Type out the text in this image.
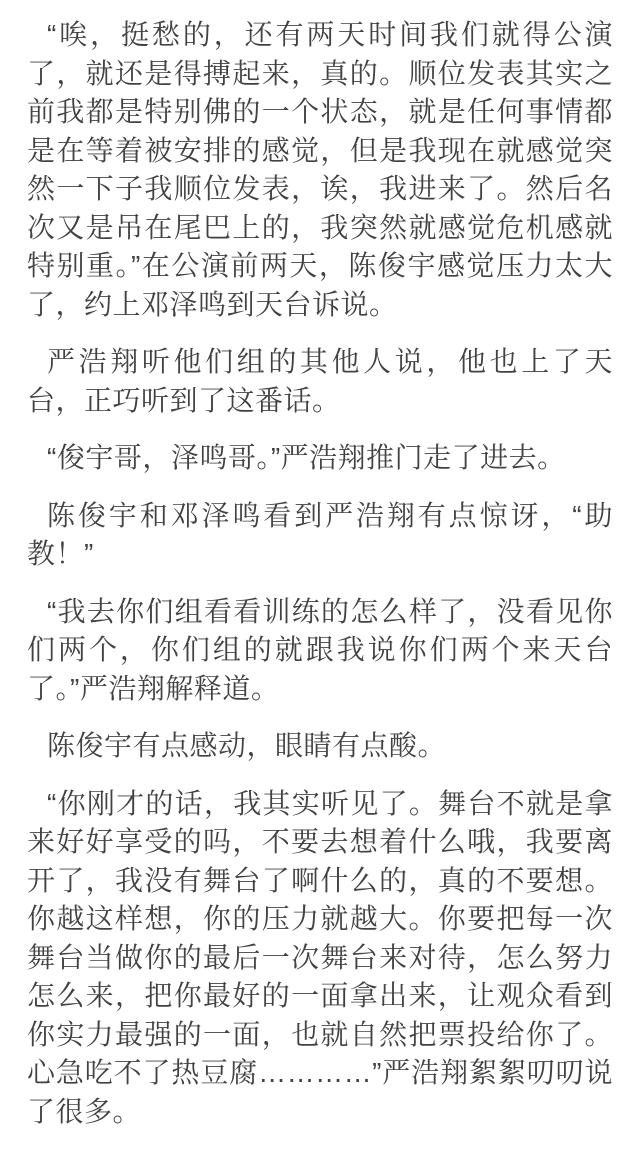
“唉，挺愁的，还有两天时间我们就得公演了，就还是得搏起来，真的。顺位发表其实之前我都是特别佛的一个状态，就是任何事情都是在等着被安排的感觉，但是我现在就感觉突然一下子我顺位发表，诶，我进来了。然后名次又是吊在尾巴上的，我突然就感觉危机感就特别重。”在公演前两天，陈俊宇感觉压力太大了，约上邓泽鸣到天台诉说。

严浩翔听他们组的其他人说，他也上了天台，正巧听到了这番话。

“俊宇哥，泽鸣哥。”严浩翔推门走了进去。

陈俊宇和邓泽鸣看到严浩翔有点惊讶，“助教！”

“我去你们组看看训练的怎么样了，没看见你们两个，你们组的就跟我说你们两个来天台了。”严浩翔解释道。

陈俊宇有点感动，眼睛有点酸。

“你刚才的话，我其实听见了。舞台不就是拿来好好享受的吗，不要去想着什么哦，我要离开了，我没有舞台了啊什么的，真的不要想。你越这样想，你的压力就越大。你要把每一次舞台当做你的最后一次舞台来对待，怎么努力怎么来，把你最好的一面拿出来，让观众看到你实力最强的一面，也就自然把票投给你了。心急吃不了热豆腐…………”严浩翔絮絮叨叨说了很多。
